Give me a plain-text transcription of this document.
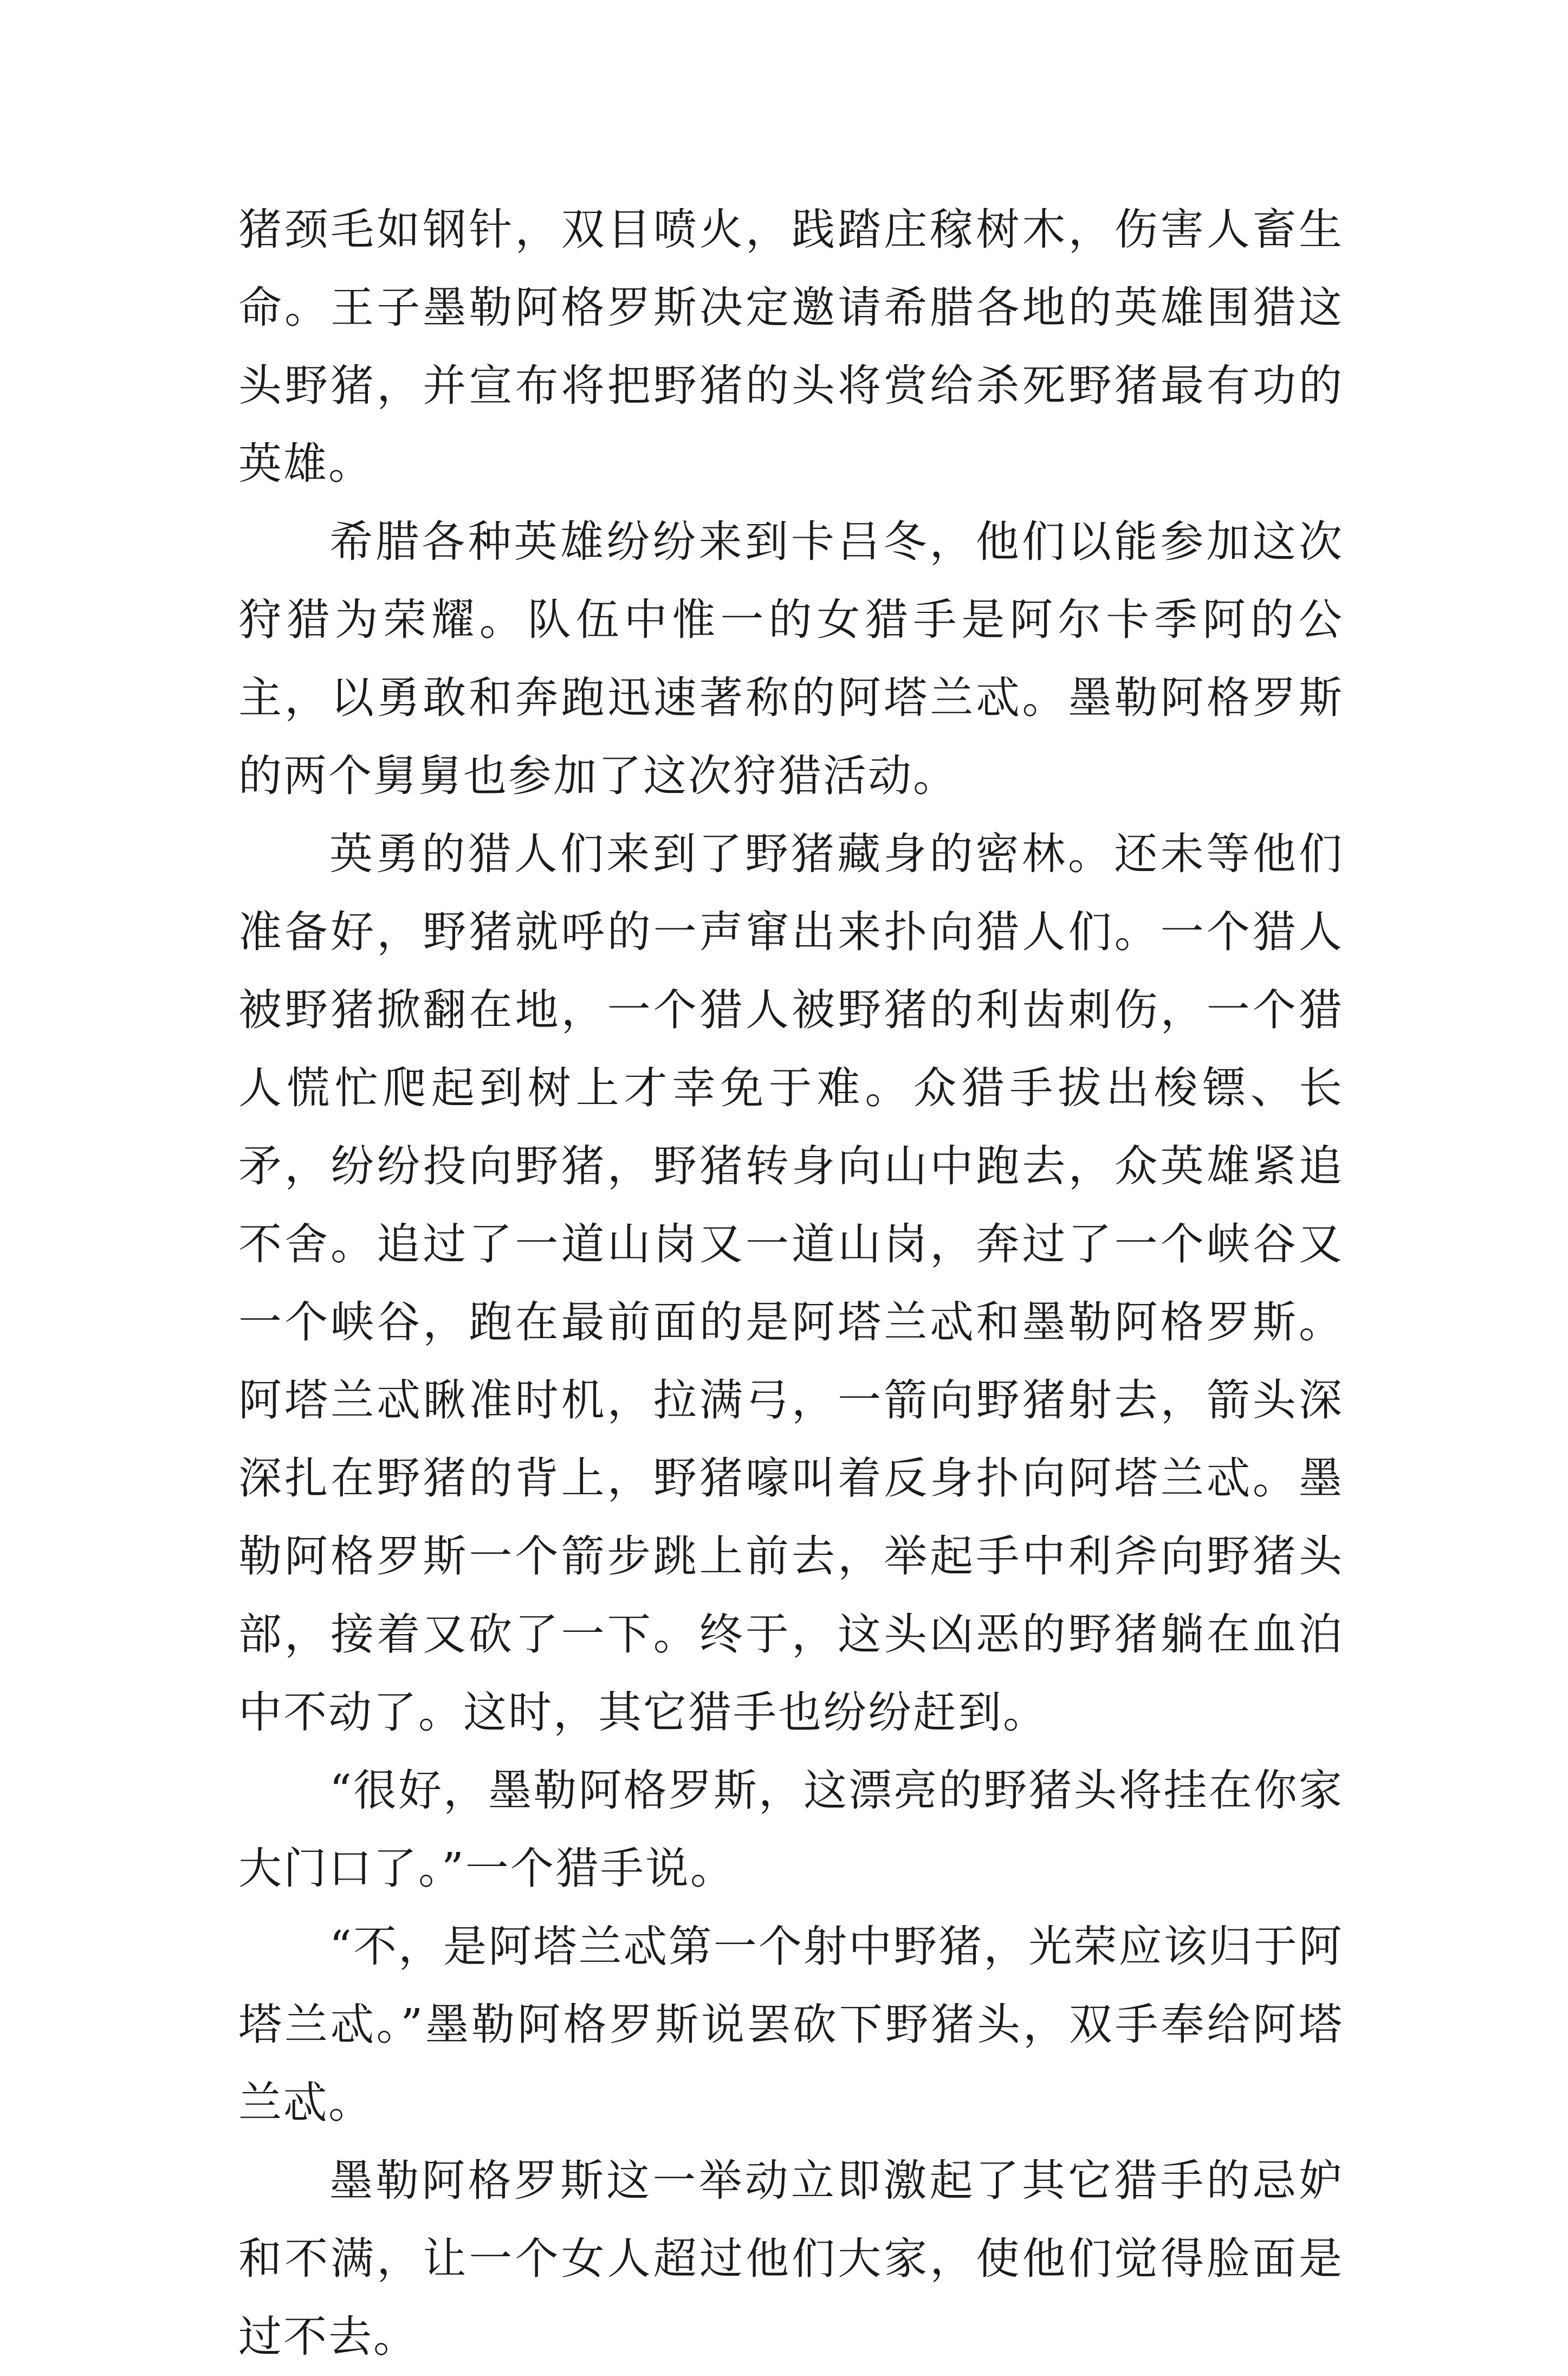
猪颈毛如钢针，双目喷火，践踏庄稼树木，伤害人畜生命。王子墨勒阿格罗斯决定邀请希腊各地的英雄围猎这头野猪，并宣布将把野猪的头将赏给杀死野猪最有功的英雄。

希腊各种英雄纷纷来到卡吕冬，他们以能参加这次狩猎为荣耀。队伍中惟一的女猎手是阿尔卡季阿的公主，以勇敢和奔跑迅速著称的阿塔兰忒。墨勒阿格罗斯的两个舅舅也参加了这次狩猎活动。

英勇的猎人们来到了野猪藏身的密林。还未等他们准备好，野猪就呼的一声窜出来扑向猎人们。一个猎人被野猪掀翻在地，一个猎人被野猪的利齿刺伤，一个猎人慌忙爬起到树上才幸免于难。众猎手拔出梭镖、长矛，纷纷投向野猪，野猪转身向山中跑去，众英雄紧追不舍。追过了一道山岗又一道山岗，奔过了一个峡谷又一个峡谷，跑在最前面的是阿塔兰忒和墨勒阿格罗斯。阿塔兰忒瞅准时机，拉满弓，一箭向野猪射去，箭头深深扎在野猪的背上，野猪嚎叫着反身扑向阿塔兰忒。墨勒阿格罗斯一个箭步跳上前去，举起手中利斧向野猪头部，接着又砍了一下。终于，这头凶恶的野猪躺在血泊中不动了。这时，其它猎手也纷纷赶到。

“很好，墨勒阿格罗斯，这漂亮的野猪头将挂在你家大门口了。”一个猎手说。

“不，是阿塔兰忒第一个射中野猪，光荣应该归于阿塔兰忒。”墨勒阿格罗斯说罢砍下野猪头，双手奉给阿塔兰忒。

墨勒阿格罗斯这一举动立即激起了其它猎手的忌妒和不满，让一个女人超过他们大家，使他们觉得脸面是过不去。
